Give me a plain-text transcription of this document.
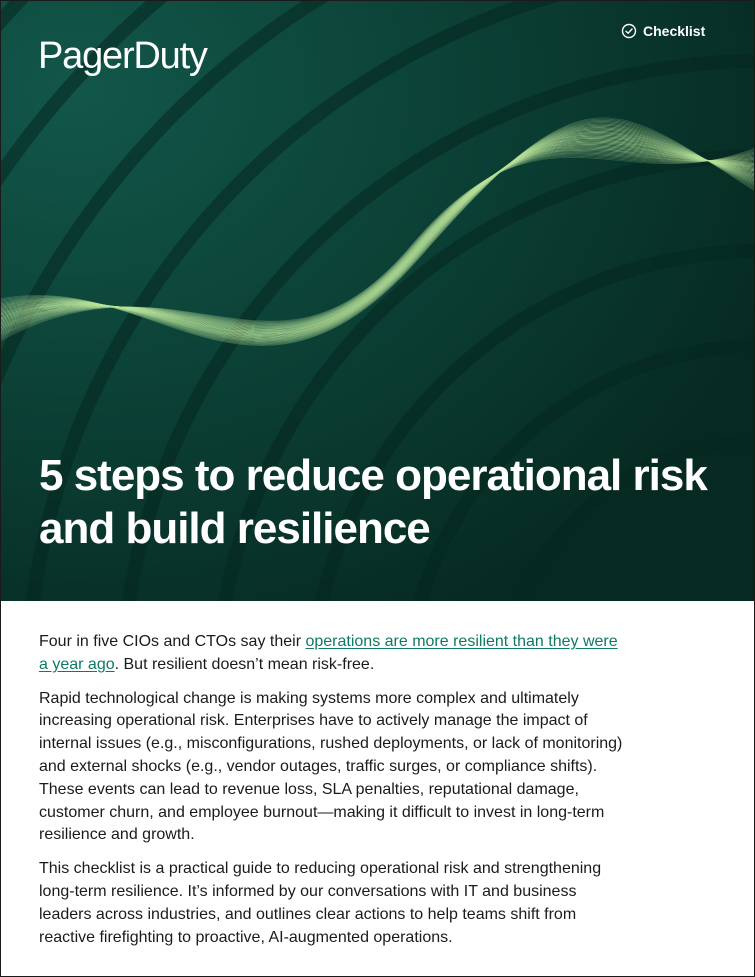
PagerDuty
Checklist
5 steps to reduce operational risk and build resilience

Four in five CIOs and CTOs say their operations are more resilient than they were a year ago. But resilient doesn’t mean risk-free.

Rapid technological change is making systems more complex and ultimately increasing operational risk. Enterprises have to actively manage the impact of internal issues (e.g., misconfigurations, rushed deployments, or lack of monitoring) and external shocks (e.g., vendor outages, traffic surges, or compliance shifts). These events can lead to revenue loss, SLA penalties, reputational damage, customer churn, and employee burnout—making it difficult to invest in long-term resilience and growth.

This checklist is a practical guide to reducing operational risk and strengthening long-term resilience. It’s informed by our conversations with IT and business leaders across industries, and outlines clear actions to help teams shift from reactive firefighting to proactive, AI-augmented operations.
